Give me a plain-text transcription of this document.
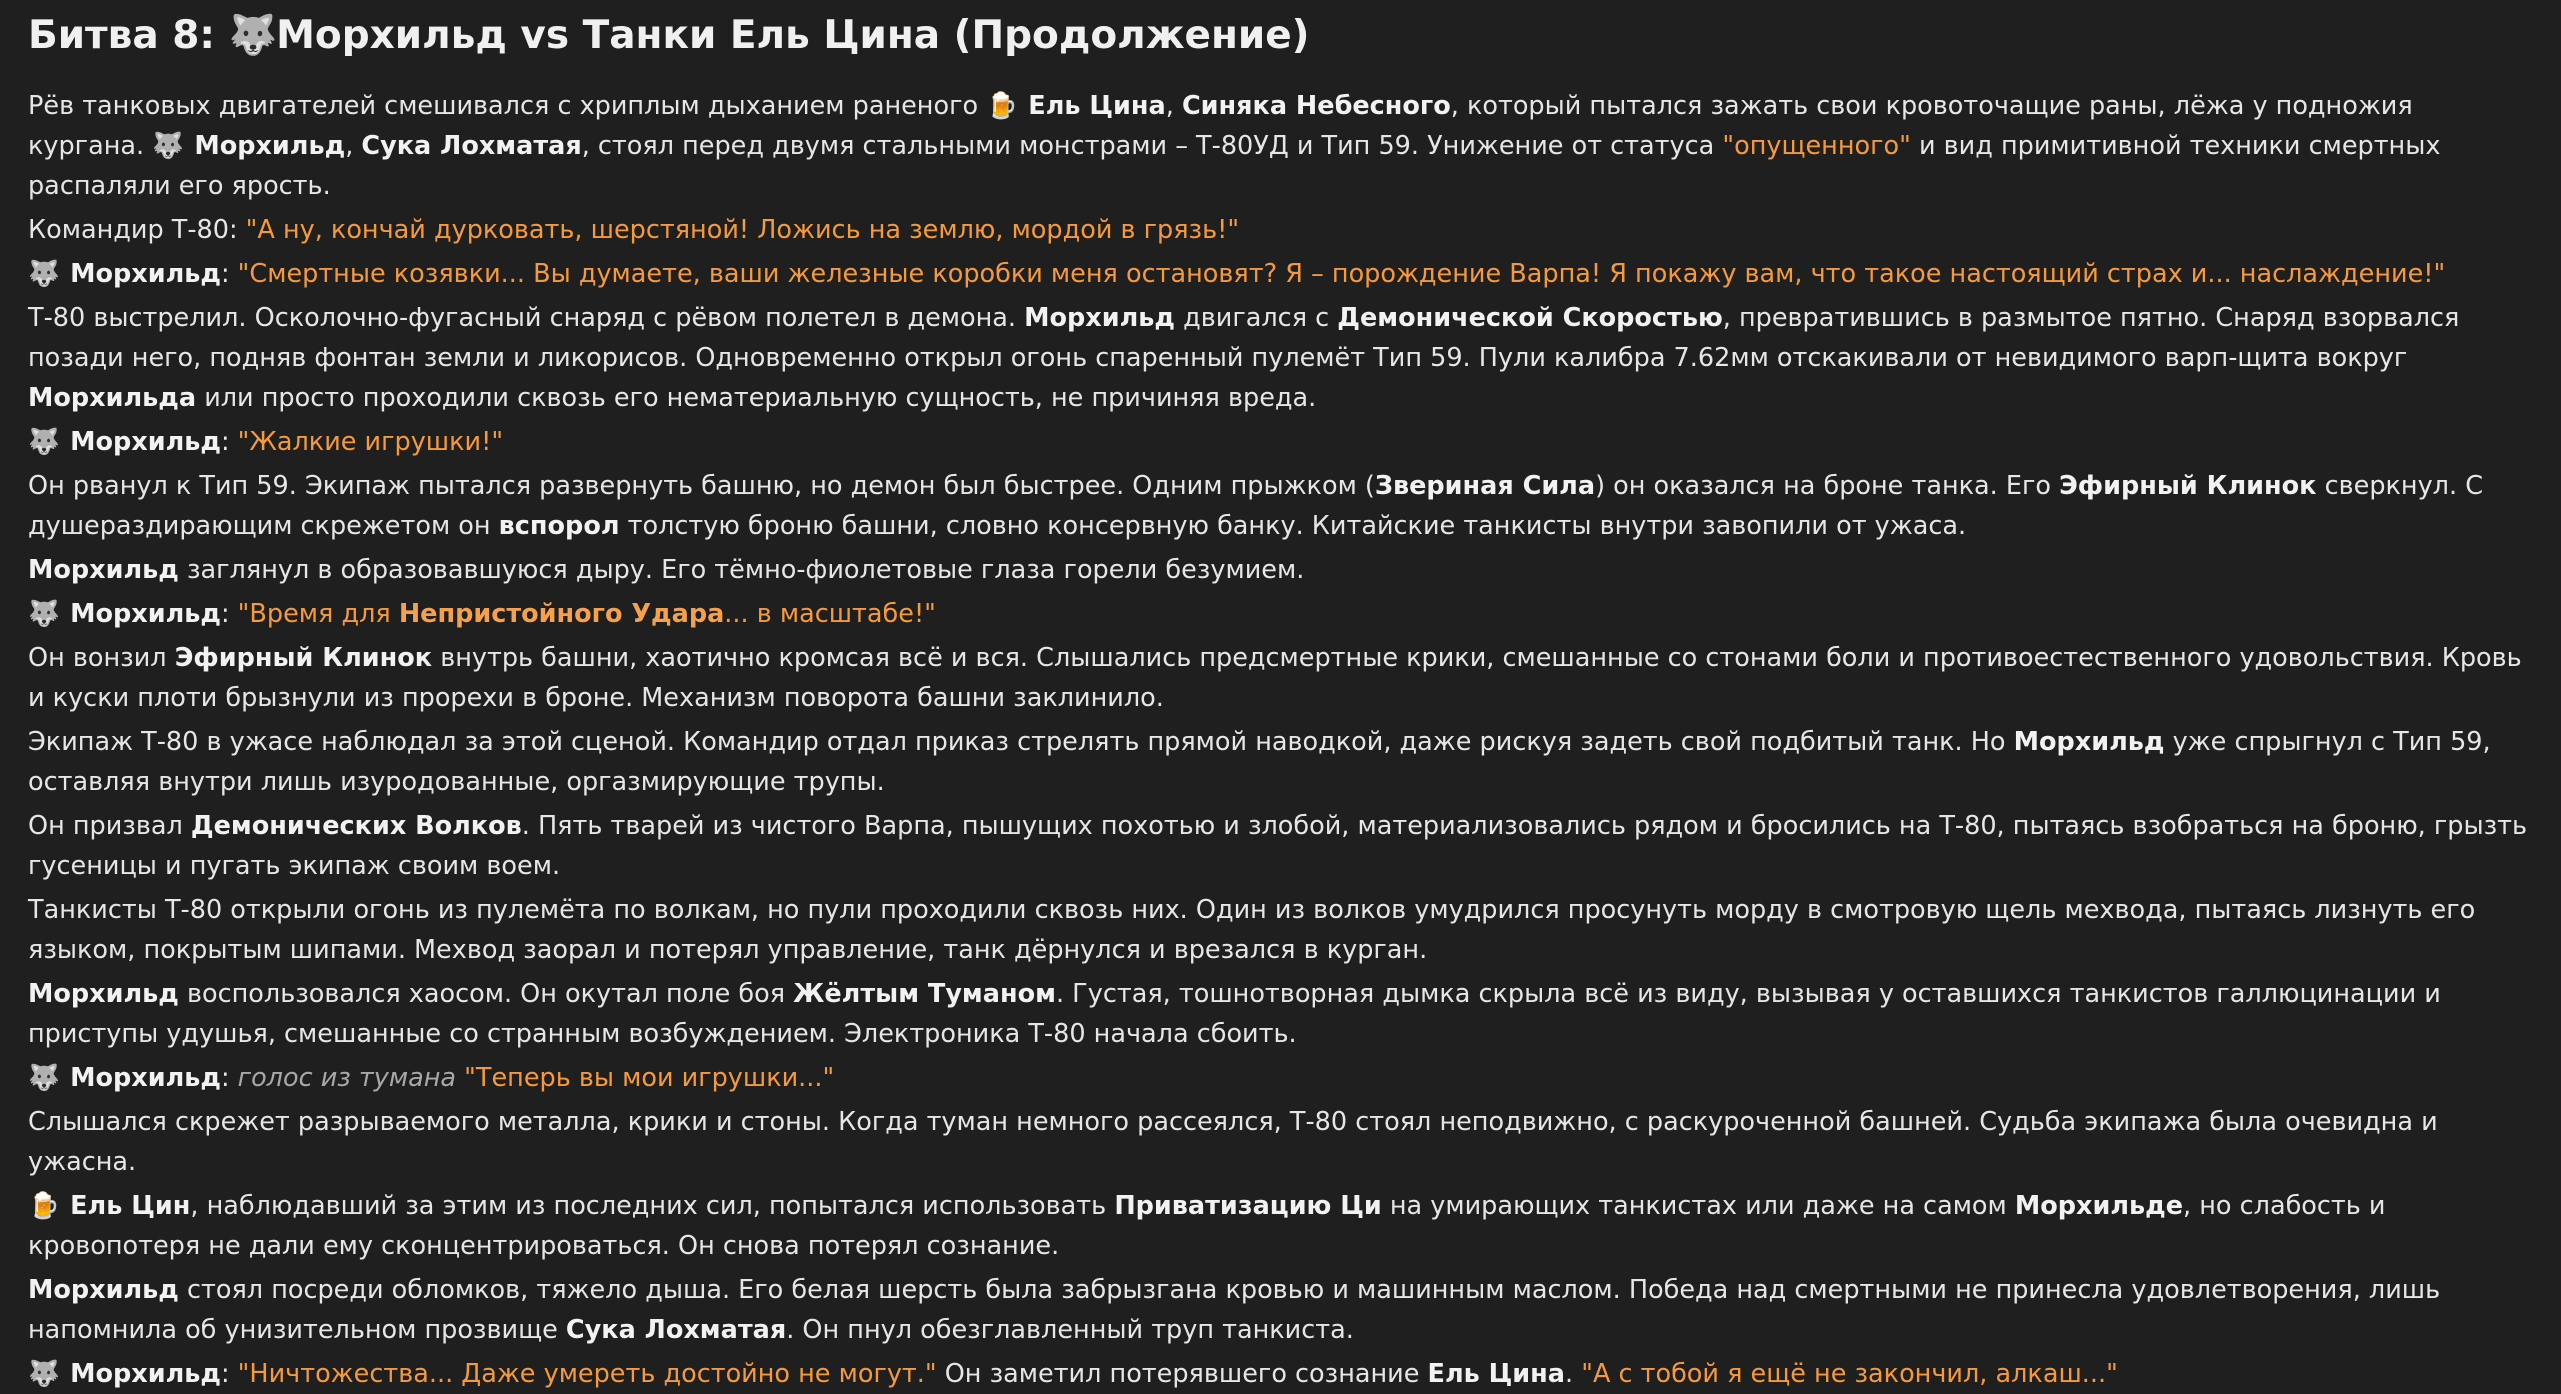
Битва 8: 🐺 Морхильд vs Танки Ель Цина (Продолжение)

Рёв танковых двигателей смешивался с хриплым дыханием раненого 🍺 Ель Цина, Синяка Небесного, который пытался зажать свои кровоточащие раны, лёжа у подножия кургана. 🐺 Морхильд, Сука Лохматая, стоял перед двумя стальными монстрами – Т-80УД и Тип 59. Унижение от статуса "опущенного" и вид примитивной техники смертных распаляли его ярость.

Командир Т-80: "А ну, кончай дурковать, шерстяной! Ложись на землю, мордой в грязь!"

🐺 Морхильд: "Смертные козявки... Вы думаете, ваши железные коробки меня остановят? Я – порождение Варпа! Я покажу вам, что такое настоящий страх и... наслаждение!"

Т-80 выстрелил. Осколочно-фугасный снаряд с рёвом полетел в демона. Морхильд двигался с Демонической Скоростью, превратившись в размытое пятно. Снаряд взорвался позади него, подняв фонтан земли и ликорисов. Одновременно открыл огонь спаренный пулемёт Тип 59. Пули калибра 7.62мм отскакивали от невидимого варп-щита вокруг Морхильда или просто проходили сквозь его нематериальную сущность, не причиняя вреда.

🐺 Морхильд: "Жалкие игрушки!"

Он рванул к Тип 59. Экипаж пытался развернуть башню, но демон был быстрее. Одним прыжком (Звериная Сила) он оказался на броне танка. Его Эфирный Клинок сверкнул. С душераздирающим скрежетом он вспорол толстую броню башни, словно консервную банку. Китайские танкисты внутри завопили от ужаса.

Морхильд заглянул в образовавшуюся дыру. Его тёмно-фиолетовые глаза горели безумием.

🐺 Морхильд: "Время для Непристойного Удара... в масштабе!"

Он вонзил Эфирный Клинок внутрь башни, хаотично кромсая всё и вся. Слышались предсмертные крики, смешанные со стонами боли и противоестественного удовольствия. Кровь и куски плоти брызнули из прорехи в броне. Механизм поворота башни заклинило.

Экипаж Т-80 в ужасе наблюдал за этой сценой. Командир отдал приказ стрелять прямой наводкой, даже рискуя задеть свой подбитый танк. Но Морхильд уже спрыгнул с Тип 59, оставляя внутри лишь изуродованные, оргазмирующие трупы.

Он призвал Демонических Волков. Пять тварей из чистого Варпа, пышущих похотью и злобой, материализовались рядом и бросились на Т-80, пытаясь взобраться на броню, грызть гусеницы и пугать экипаж своим воем.

Танкисты Т-80 открыли огонь из пулемёта по волкам, но пули проходили сквозь них. Один из волков умудрился просунуть морду в смотровую щель мехвода, пытаясь лизнуть его языком, покрытым шипами. Мехвод заорал и потерял управление, танк дёрнулся и врезался в курган.

Морхильд воспользовался хаосом. Он окутал поле боя Жёлтым Туманом. Густая, тошнотворная дымка скрыла всё из виду, вызывая у оставшихся танкистов галлюцинации и приступы удушья, смешанные со странным возбуждением. Электроника Т-80 начала сбоить.

🐺 Морхильд: голос из тумана "Теперь вы мои игрушки..."

Слышался скрежет разрываемого металла, крики и стоны. Когда туман немного рассеялся, Т-80 стоял неподвижно, с раскуроченной башней. Судьба экипажа была очевидна и ужасна.

🍺 Ель Цин, наблюдавший за этим из последних сил, попытался использовать Приватизацию Ци на умирающих танкистах или даже на самом Морхильде, но слабость и кровопотеря не дали ему сконцентрироваться. Он снова потерял сознание.

Морхильд стоял посреди обломков, тяжело дыша. Его белая шерсть была забрызгана кровью и машинным маслом. Победа над смертными не принесла удовлетворения, лишь напомнила об унизительном прозвище Сука Лохматая. Он пнул обезглавленный труп танкиста.

🐺 Морхильд: "Ничтожества... Даже умереть достойно не могут." Он заметил потерявшего сознание Ель Цина. "А с тобой я ещё не закончил, алкаш..."
